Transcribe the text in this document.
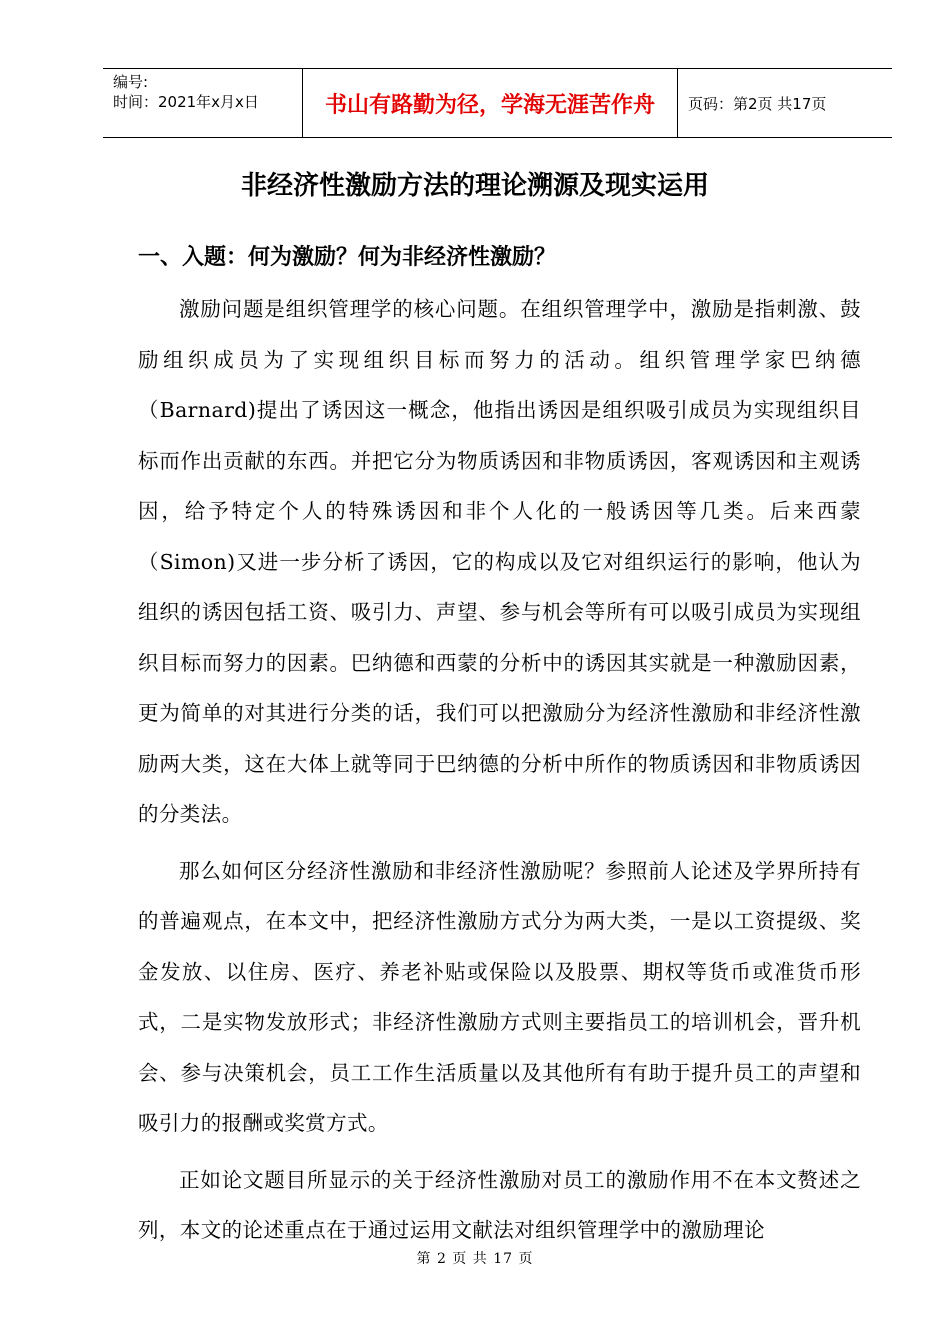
编号:
时间：2021年x月x日	书山有路勤为径，学海无涯苦作舟	页码：第2页 共17页
非经济性激励方法的理论溯源及现实运用
一、入题：何为激励？何为非经济性激励？

激励问题是组织管理学的核心问题。在组织管理学中，激励是指刺激、鼓励组织成员为了实现组织目标而努力的活动。组织管理学家巴纳德（Barnard)提出了诱因这一概念，他指出诱因是组织吸引成员为实现组织目标而作出贡献的东西。并把它分为物质诱因和非物质诱因，客观诱因和主观诱因，给予特定个人的特殊诱因和非个人化的一般诱因等几类。后来西蒙（Simon)又进一步分析了诱因，它的构成以及它对组织运行的影响，他认为组织的诱因包括工资、吸引力、声望、参与机会等所有可以吸引成员为实现组织目标而努力的因素。巴纳德和西蒙的分析中的诱因其实就是一种激励因素，更为简单的对其进行分类的话，我们可以把激励分为经济性激励和非经济性激励两大类，这在大体上就等同于巴纳德的分析中所作的物质诱因和非物质诱因的分类法。

那么如何区分经济性激励和非经济性激励呢？参照前人论述及学界所持有的普遍观点，在本文中，把经济性激励方式分为两大类，一是以工资提级、奖金发放、以住房、医疗、养老补贴或保险以及股票、期权等货币或准货币形式，二是实物发放形式；非经济性激励方式则主要指员工的培训机会，晋升机会、参与决策机会，员工工作生活质量以及其他所有有助于提升员工的声望和吸引力的报酬或奖赏方式。

正如论文题目所显示的关于经济性激励对员工的激励作用不在本文赘述之列，本文的论述重点在于通过运用文献法对组织管理学中的激励理论

第 2 页 共 17 页
